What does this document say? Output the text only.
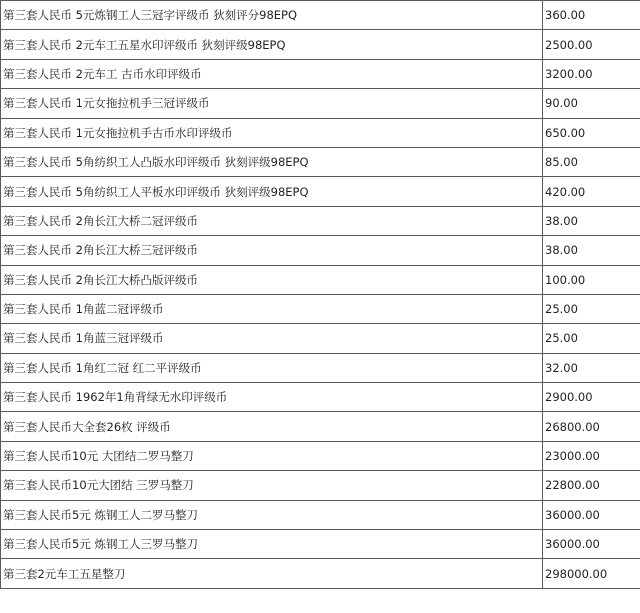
第三套人民币 5元炼钢工人三冠字评级币 狄刻评分98EPQ	360.00
第三套人民币 2元车工五星水印评级币 狄刻评级98EPQ	2500.00
第三套人民币 2元车工 古币水印评级币	3200.00
第三套人民币 1元女拖拉机手三冠评级币	90.00
第三套人民币 1元女拖拉机手古币水印评级币	650.00
第三套人民币 5角纺织工人凸版水印评级币 狄刻评级98EPQ	85.00
第三套人民币 5角纺织工人平板水印评级币 狄刻评级98EPQ	420.00
第三套人民币 2角长江大桥二冠评级币	38.00
第三套人民币 2角长江大桥三冠评级币	38.00
第三套人民币 2角长江大桥凸版评级币	100.00
第三套人民币 1角蓝二冠评级币	25.00
第三套人民币 1角蓝三冠评级币	25.00
第三套人民币 1角红二冠 红二平评级币	32.00
第三套人民币 1962年1角背绿无水印评级币	2900.00
第三套人民币大全套26枚 评级币	26800.00
第三套人民币10元 大团结二罗马整刀	23000.00
第三套人民币10元大团结 三罗马整刀	22800.00
第三套人民币5元 炼钢工人二罗马整刀	36000.00
第三套人民币5元 炼钢工人三罗马整刀	36000.00
第三套2元车工五星整刀	298000.00
